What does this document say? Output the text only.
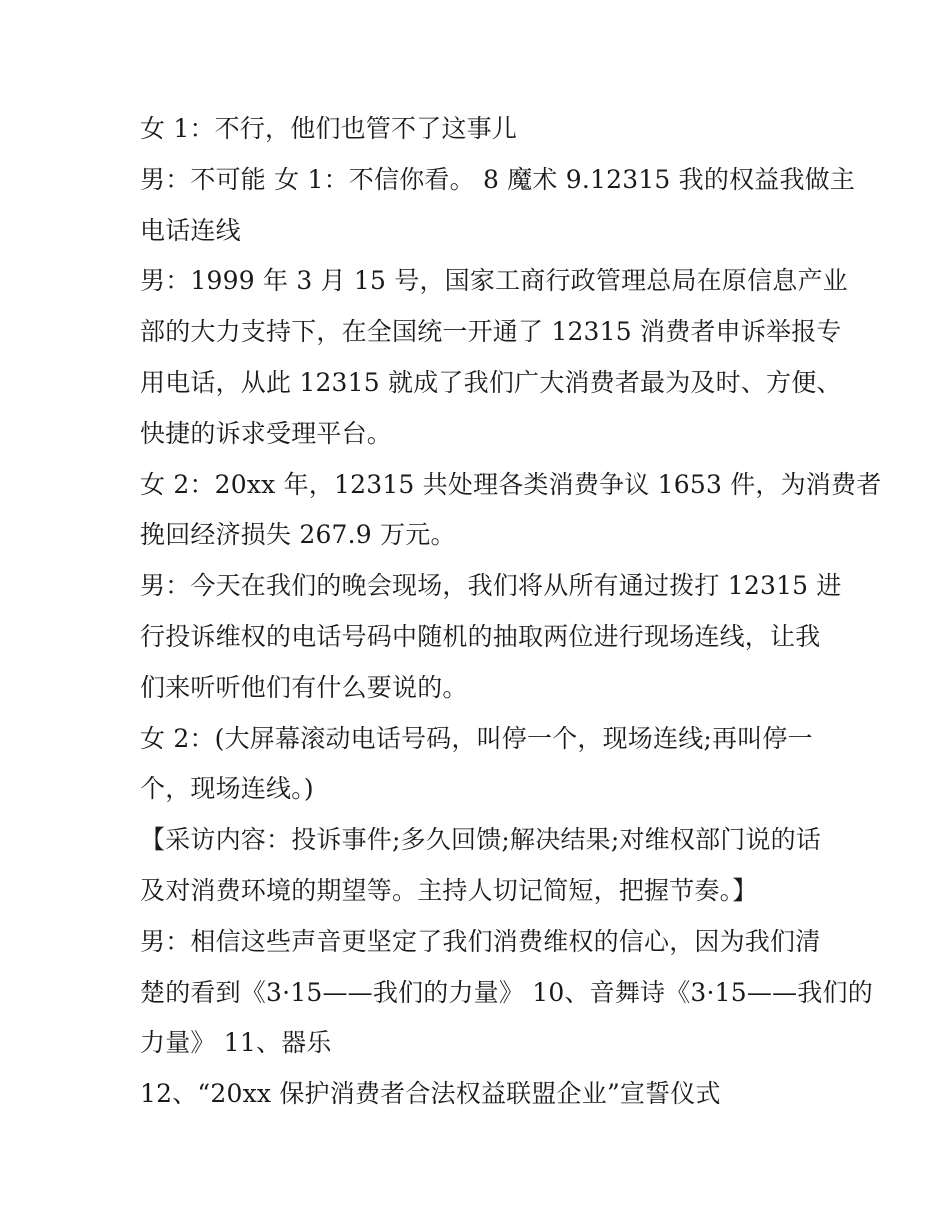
女 1：不行，他们也管不了这事儿
男：不可能 女 1：不信你看。 8 魔术 9.12315 我的权益我做主
电话连线
男：1999 年 3 月 15 号，国家工商行政管理总局在原信息产业
部的大力支持下，在全国统一开通了 12315 消费者申诉举报专
用电话，从此 12315 就成了我们广大消费者最为及时、方便、
快捷的诉求受理平台。
女 2：20xx 年，12315 共处理各类消费争议 1653 件，为消费者
挽回经济损失 267.9 万元。
男：今天在我们的晚会现场，我们将从所有通过拨打 12315 进
行投诉维权的电话号码中随机的抽取两位进行现场连线，让我
们来听听他们有什么要说的。
女 2：(大屏幕滚动电话号码，叫停一个，现场连线;再叫停一
个，现场连线。)
【采访内容：投诉事件;多久回馈;解决结果;对维权部门说的话
及对消费环境的期望等。主持人切记简短，把握节奏。】
男：相信这些声音更坚定了我们消费维权的信心，因为我们清
楚的看到《3·15——我们的力量》 10、音舞诗《3·15——我们的
力量》 11、器乐
12、“20xx 保护消费者合法权益联盟企业”宣誓仪式
